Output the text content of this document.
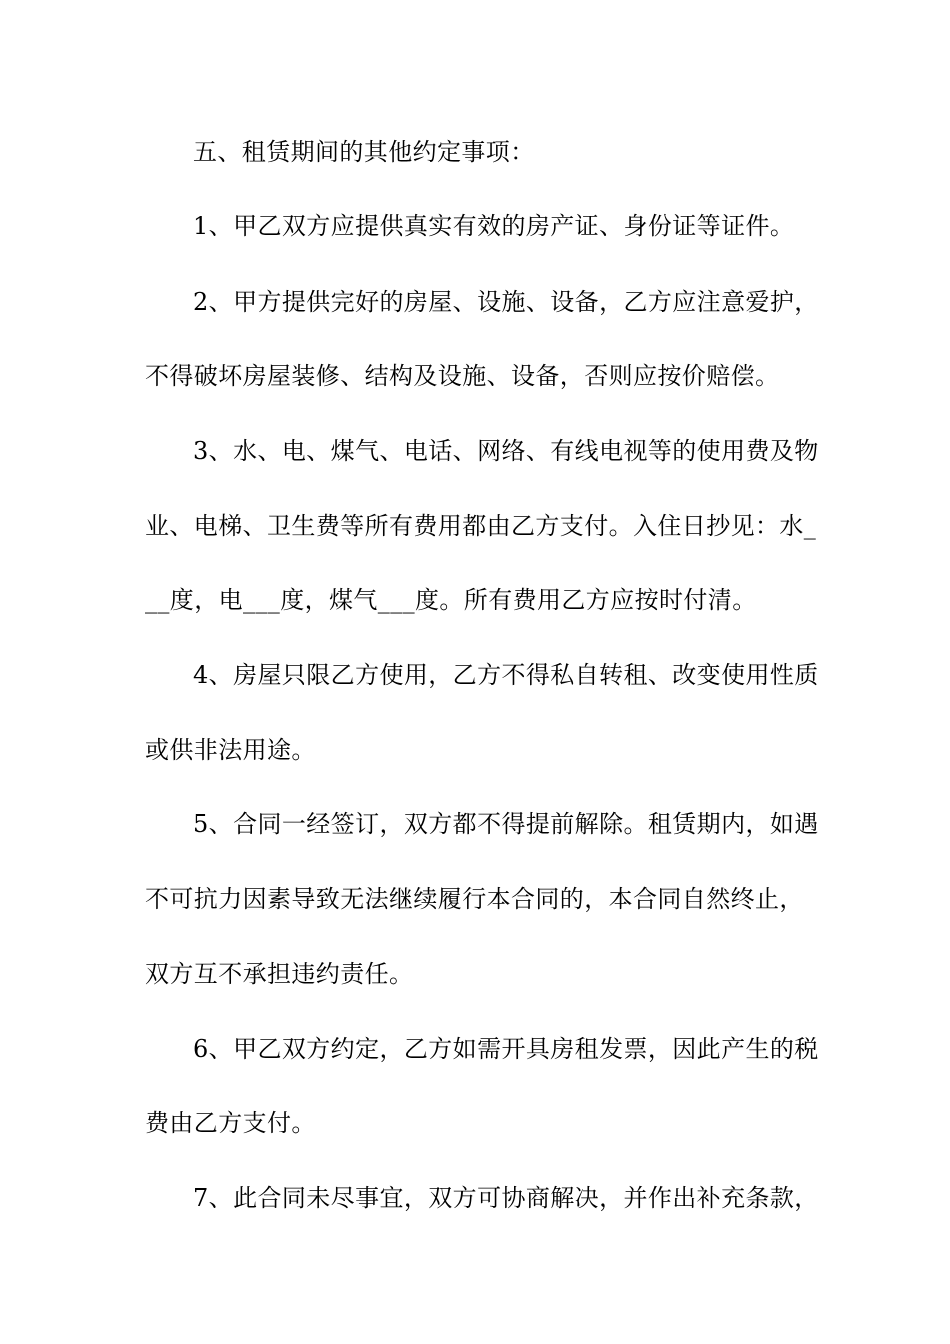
五、租赁期间的其他约定事项：
1、甲乙双方应提供真实有效的房产证、身份证等证件。
2、甲方提供完好的房屋、设施、设备，乙方应注意爱护，
不得破坏房屋装修、结构及设施、设备，否则应按价赔偿。
3、水、电、煤气、电话、网络、有线电视等的使用费及物
业、电梯、卫生费等所有费用都由乙方支付。入住日抄见：水_
__度，电___度，煤气___度。所有费用乙方应按时付清。
4、房屋只限乙方使用，乙方不得私自转租、改变使用性质
或供非法用途。
5、合同一经签订，双方都不得提前解除。租赁期内，如遇
不可抗力因素导致无法继续履行本合同的，本合同自然终止，
双方互不承担违约责任。
6、甲乙双方约定，乙方如需开具房租发票，因此产生的税
费由乙方支付。
7、此合同未尽事宜，双方可协商解决，并作出补充条款，
